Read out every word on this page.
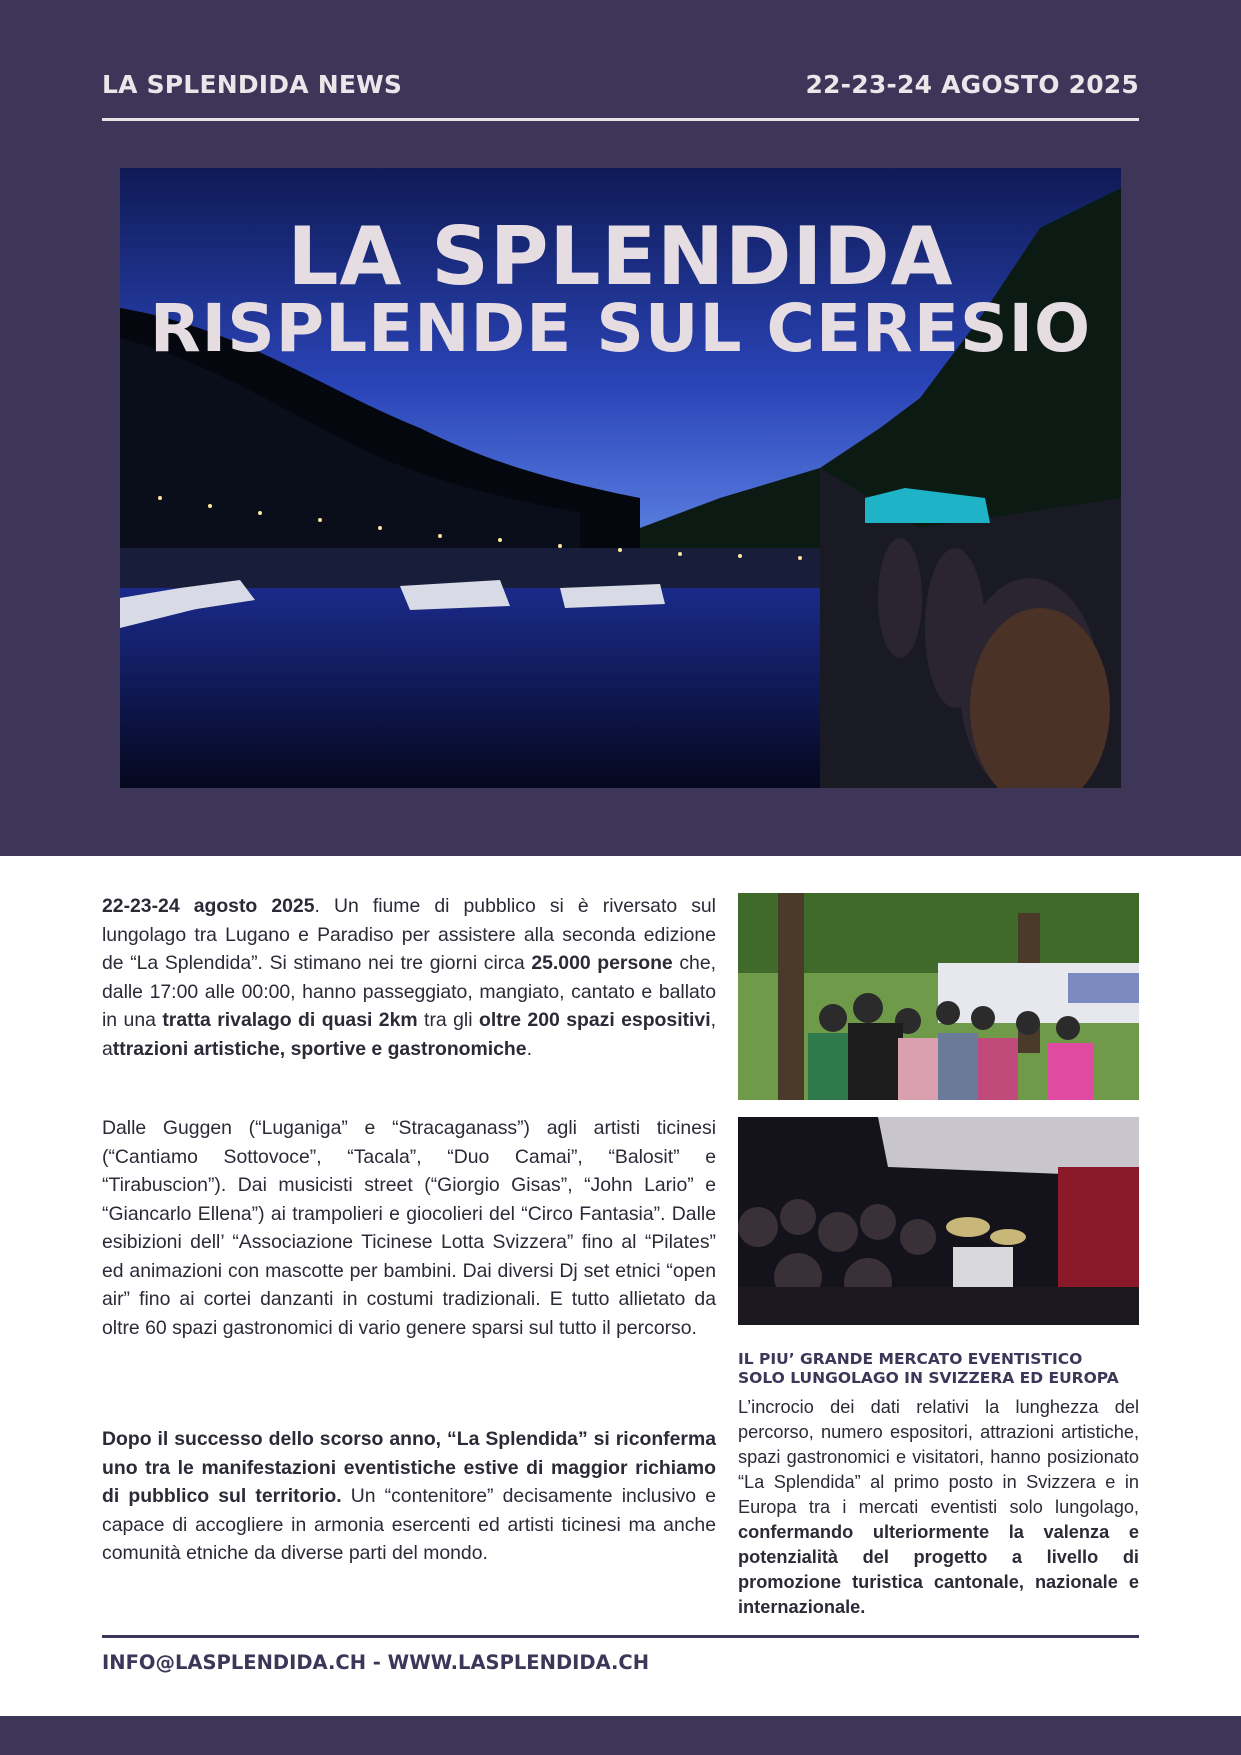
LA SPLENDIDA NEWS	22-23-24 AGOSTO 2025
LA SPLENDIDA
RISPLENDE SUL CERESIO
22-23-24 agosto 2025. Un fiume di pubblico si è riversato sul lungolago tra Lugano e Paradiso per assistere alla seconda edizione de “La Splendida”. Si stimano nei tre giorni circa 25.000 persone che, dalle 17:00 alle 00:00, hanno passeggiato, mangiato, cantato e ballato in una tratta rivalago di quasi 2km tra gli oltre 200 spazi espositivi, attrazioni artistiche, sportive e gastronomiche.
Dalle Guggen (“Luganiga” e “Stracaganass”) agli artisti ticinesi (“Cantiamo Sottovoce”, “Tacala”, “Duo Camai”, “Balosit” e “Tirabuscion”). Dai musicisti street (“Giorgio Gisas”, “John Lario” e “Giancarlo Ellena”) ai trampolieri e giocolieri del “Circo Fantasia”. Dalle esibizioni dell’ “Associazione Ticinese Lotta Svizzera” fino al “Pilates” ed animazioni con mascotte per bambini. Dai diversi Dj set etnici “open air” fino ai cortei danzanti in costumi tradizionali. E tutto allietato da oltre 60 spazi gastronomici di vario genere sparsi sul tutto il percorso.
Dopo il successo dello scorso anno, “La Splendida” si riconferma uno tra le manifestazioni eventistiche estive di maggior richiamo di pubblico sul territorio. Un “contenitore” decisamente inclusivo e capace di accogliere in armonia esercenti ed artisti ticinesi ma anche comunità etniche da diverse parti del mondo.
IL PIU’ GRANDE MERCATO EVENTISTICO
SOLO LUNGOLAGO IN SVIZZERA ED EUROPA
L’incrocio dei dati relativi la lunghezza del percorso, numero espositori, attrazioni artistiche, spazi gastronomici e visitatori, hanno posizionato “La Splendida” al primo posto in Svizzera e in Europa tra i mercati eventisti solo lungolago, confermando ulteriormente la valenza e potenzialità del progetto a livello di promozione turistica cantonale, nazionale e internazionale.
INFO@LASPLENDIDA.CH - WWW.LASPLENDIDA.CH
